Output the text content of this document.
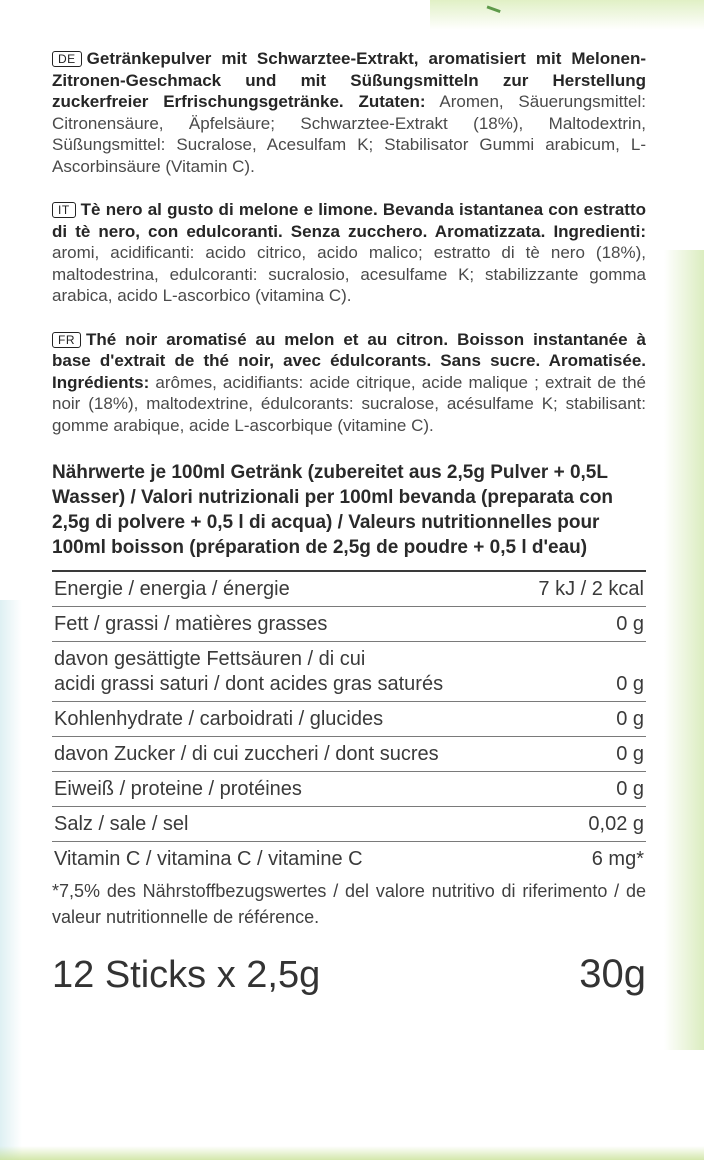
DE Getränkepulver mit Schwarztee-Extrakt, aromatisiert mit Melonen-Zitronen-Geschmack und mit Süßungsmitteln zur Herstellung zuckerfreier Erfrischungsgetränke. Zutaten: Aromen, Säuerungsmittel: Citronensäure, Äpfelsäure; Schwarztee-Extrakt (18%), Maltodextrin, Süßungsmittel: Sucralose, Acesulfam K; Stabilisator Gummi arabicum, L-Ascorbinsäure (Vitamin C).
IT Tè nero al gusto di melone e limone. Bevanda istantanea con estratto di tè nero, con edulcoranti. Senza zucchero. Aromatizzata. Ingredienti: aromi, acidificanti: acido citrico, acido malico; estratto di tè nero (18%), maltodestrina, edulcoranti: sucralosio, acesulfame K; stabilizzante gomma arabica, acido L-ascorbico (vitamina C).
FR Thé noir aromatisé au melon et au citron. Boisson instantanée à base d'extrait de thé noir, avec édulcorants. Sans sucre. Aromatisée. Ingrédients: arômes, acidifiants: acide citrique, acide malique ; extrait de thé noir (18%), maltodextrine, édulcorants: sucralose, acésulfame K; stabilisant: gomme arabique, acide L-ascorbique (vitamine C).
Nährwerte je 100ml Getränk (zubereitet aus 2,5g Pulver + 0,5L Wasser) / Valori nutrizionali per 100ml bevanda (preparata con 2,5g di polvere + 0,5 l di acqua) / Valeurs nutritionnelles pour 100ml boisson (préparation de 2,5g de poudre + 0,5 l d'eau)
Energie / energia / énergie	7 kJ / 2 kcal
Fett / grassi / matières grasses	0 g
davon gesättigte Fettsäuren / di cui
acidi grassi saturi / dont acides gras saturés	0 g
Kohlenhydrate / carboidrati / glucides	0 g
davon Zucker / di cui zuccheri / dont sucres	0 g
Eiweiß / proteine / protéines	0 g
Salz / sale / sel	0,02 g
Vitamin C / vitamina C / vitamine C	6 mg*
*7,5% des Nährstoffbezugswertes / del valore nutritivo di riferimento / de valeur nutritionnelle de référence.
12 Sticks x 2,5g	30g
